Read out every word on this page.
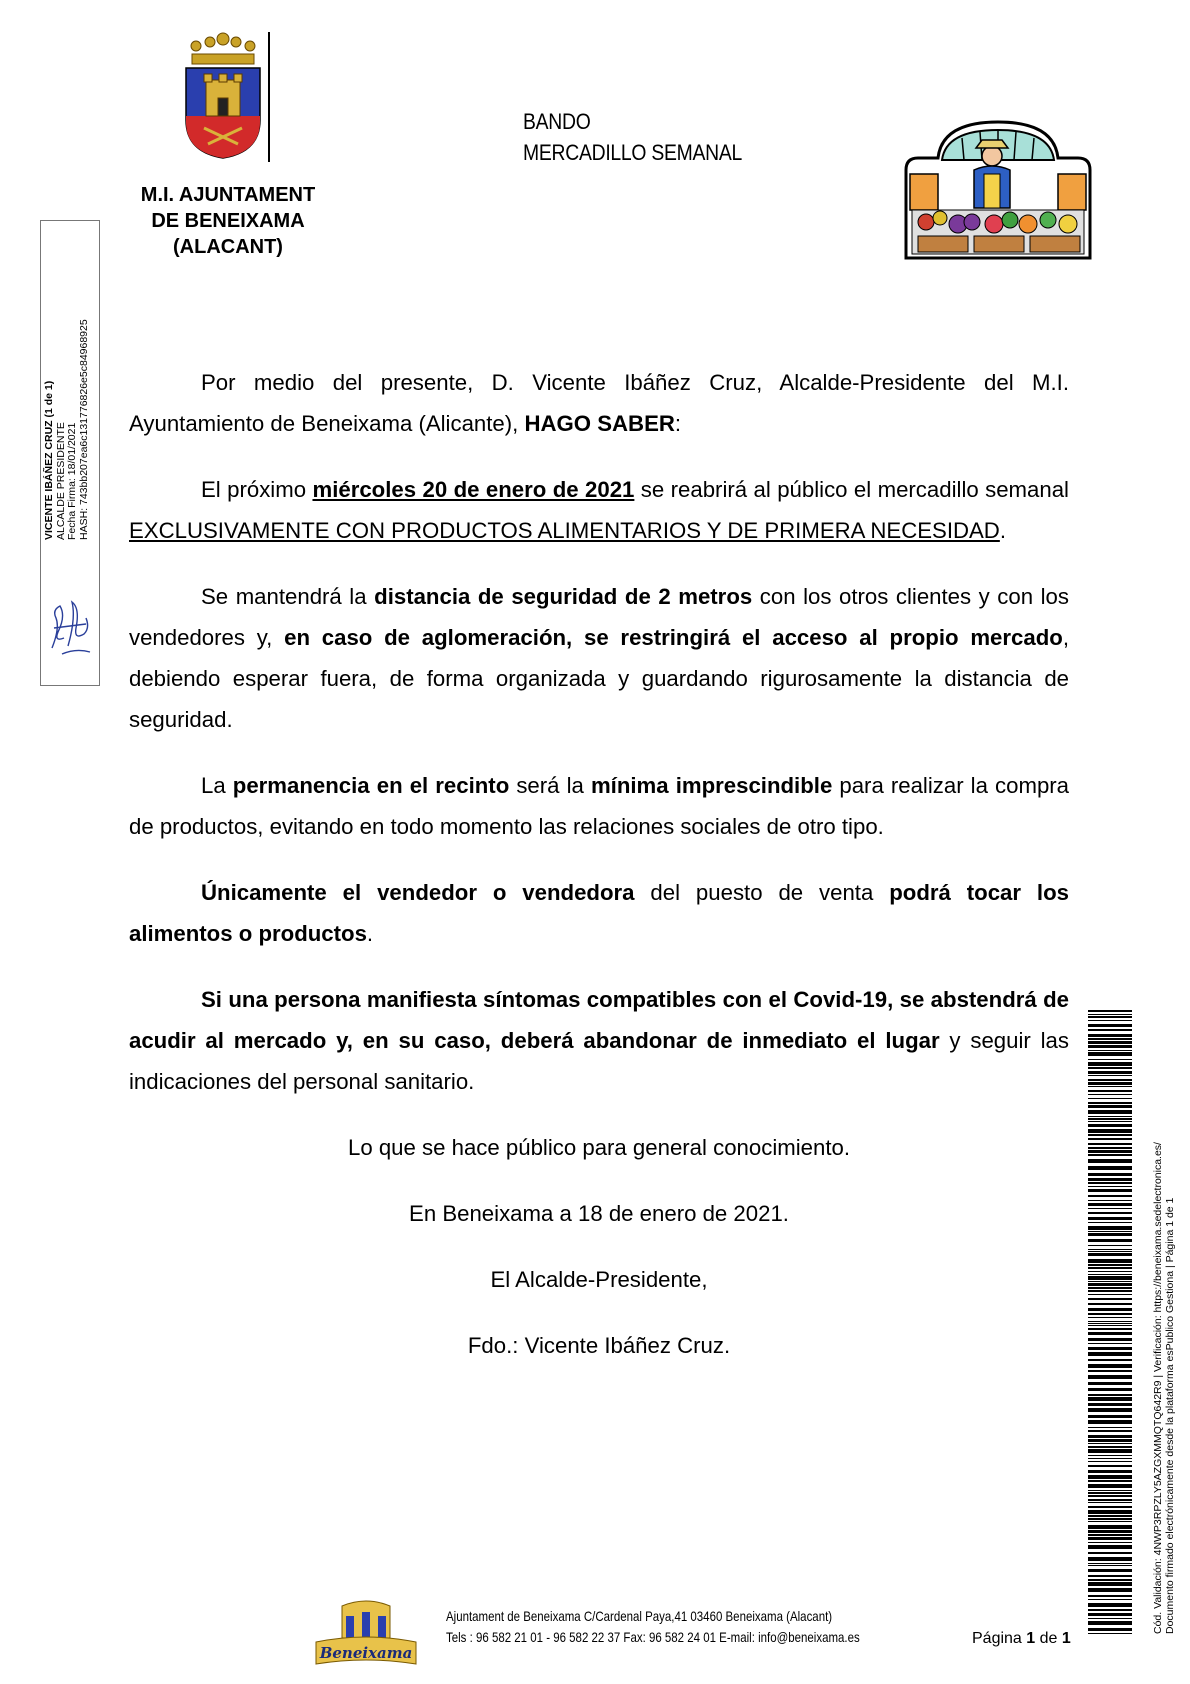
M.I. AJUNTAMENT
DE BENEIXAMA
(ALACANT)
BANDO
MERCADILLO SEMANAL
VICENTE IBÁÑEZ CRUZ (1 de 1) ALCALDE PRESIDENTE Fecha Firma: 18/01/2021 HASH: 743bb207ea6c131776826e5c84968925	Por medio del presente, D. Vicente Ibáñez Cruz, Alcalde-Presidente del M.I. Ayuntamiento de Beneixama (Alicante), HAGO SABER:

El próximo miércoles 20 de enero de 2021 se reabrirá al público el mercadillo semanal EXCLUSIVAMENTE CON PRODUCTOS ALIMENTARIOS Y DE PRIMERA NECESIDAD.

Se mantendrá la distancia de seguridad de 2 metros con los otros clientes y con los vendedores y, en caso de aglomeración, se restringirá el acceso al propio mercado, debiendo esperar fuera, de forma organizada y guardando rigurosamente la distancia de seguridad.

La permanencia en el recinto será la mínima imprescindible para realizar la compra de productos, evitando en todo momento las relaciones sociales de otro tipo.

Únicamente el vendedor o vendedora del puesto de venta podrá tocar los alimentos o productos.

Si una persona manifiesta síntomas compatibles con el Covid-19, se abstendrá de acudir al mercado y, en su caso, deberá abandonar de inmediato el lugar y seguir las indicaciones del personal sanitario.

Lo que se hace público para general conocimiento.

En Beneixama a 18 de enero de 2021.

El Alcalde-Presidente,

Fdo.: Vicente Ibáñez Cruz.	Cód. Validación: 4NWP3RPZLY5AZGXMMQTQ642R9 | Verificación: https://beneixama.sedelectronica.es/ Documento firmado electrónicamente desde la plataforma esPublico Gestiona | Página 1 de 1
Beneixama
Ajuntament de Beneixama C/Cardenal Paya,41 03460 Beneixama (Alacant)
Tels : 96 582 21 01 - 96 582 22 37 Fax: 96 582 24 01 E-mail: info@beneixama.es	Página 1 de 1
